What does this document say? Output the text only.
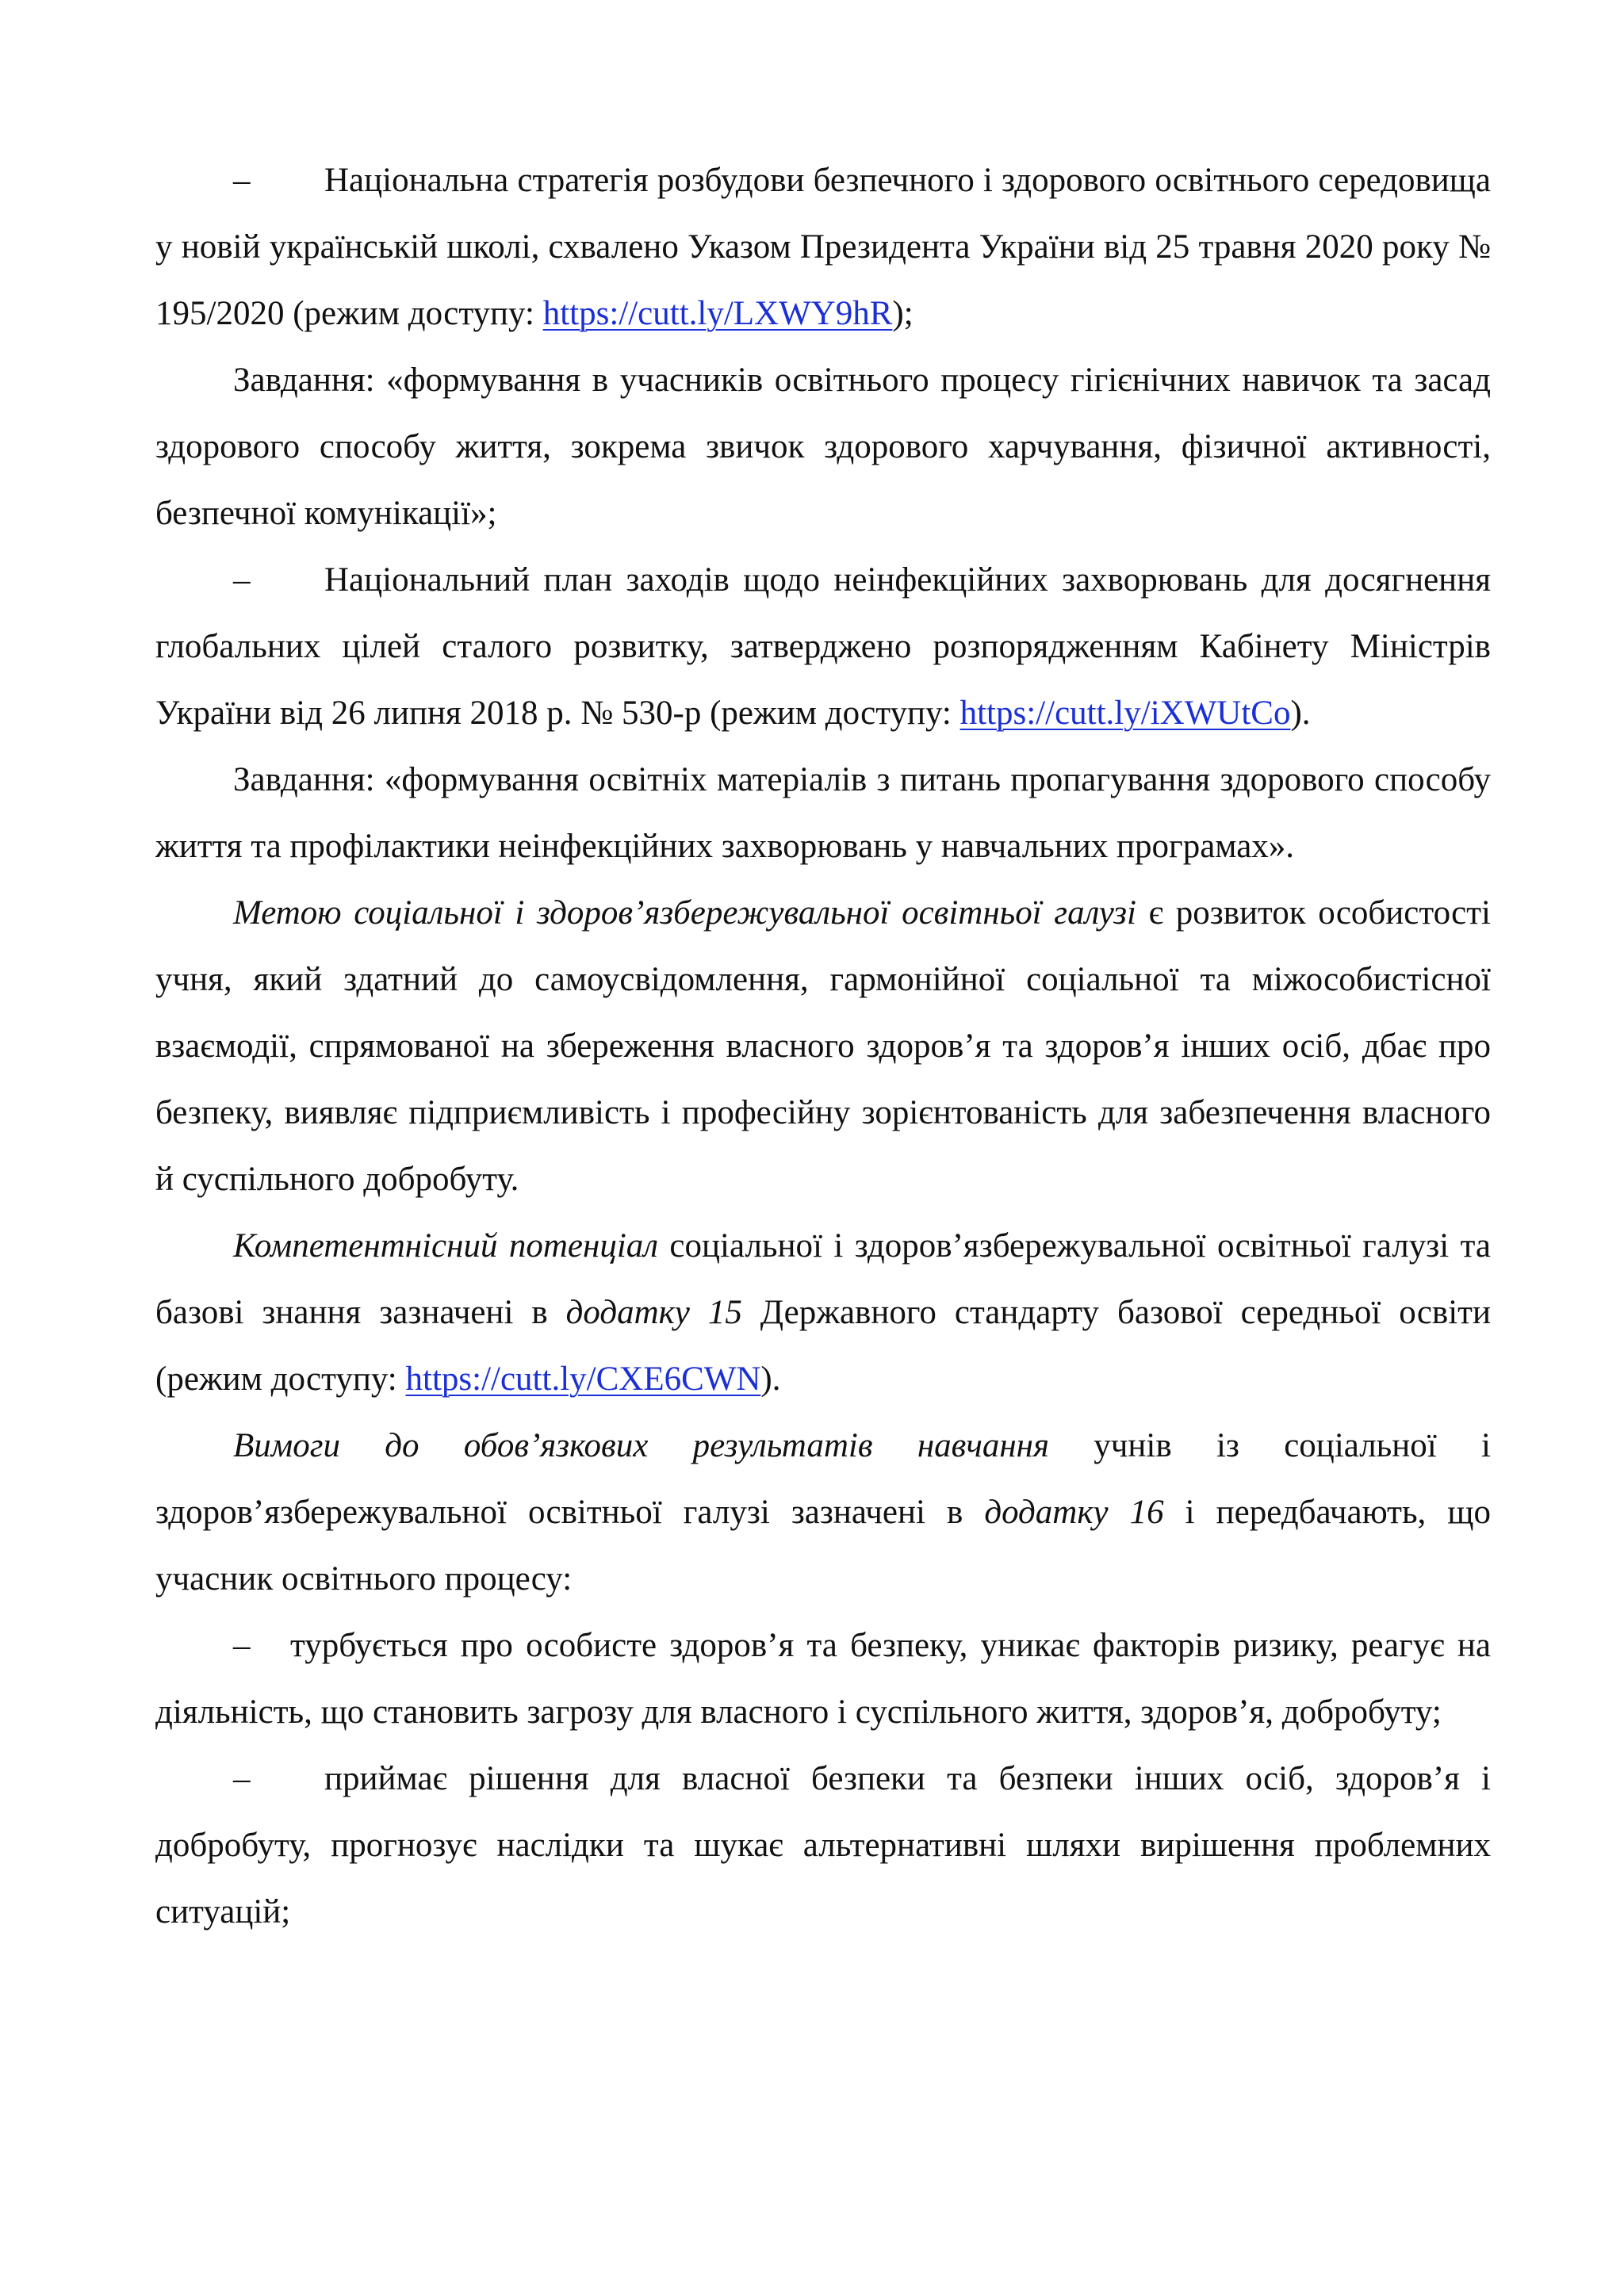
– Національна стратегія розбудови безпечного і здорового освітнього середовища у новій українській школі, схвалено Указом Президента України від 25 травня 2020 року № 195/2020 (режим доступу: https://cutt.ly/LXWY9hR);

Завдання: «формування в учасників освітнього процесу гігієнічних навичок та засад здорового способу життя, зокрема звичок здорового харчування, фізичної активності, безпечної комунікації»;

– Національний план заходів щодо неінфекційних захворювань для досягнення глобальних цілей сталого розвитку, затверджено розпорядженням Кабінету Міністрів України від 26 липня 2018 р. № 530-р (режим доступу: https://cutt.ly/iXWUtCo).

Завдання: «формування освітніх матеріалів з питань пропагування здорового способу життя та профілактики неінфекційних захворювань у навчальних програмах».

Метою соціальної і здоров’язбережувальної освітньої галузі є розвиток особистості учня, який здатний до самоусвідомлення, гармонійної соціальної та міжособистісної взаємодії, спрямованої на збереження власного здоров’я та здоров’я інших осіб, дбає про безпеку, виявляє підприємливість і професійну зорієнтованість для забезпечення власного й суспільного добробуту.

Компетентнісний потенціал соціальної і здоров’язбережувальної освітньої галузі та базові знання зазначені в додатку 15 Державного стандарту базової середньої освіти (режим доступу: https://cutt.ly/CXE6CWN).

Вимоги до обов’язкових результатів навчання учнів із соціальної і здоров’язбережувальної освітньої галузі зазначені в додатку 16 і передбачають, що учасник освітнього процесу:

– турбується про особисте здоров’я та безпеку, уникає факторів ризику, реагує на діяльність, що становить загрозу для власного і суспільного життя, здоров’я, добробуту;

– приймає рішення для власної безпеки та безпеки інших осіб, здоров’я і добробуту, прогнозує наслідки та шукає альтернативні шляхи вирішення проблемних ситуацій;
